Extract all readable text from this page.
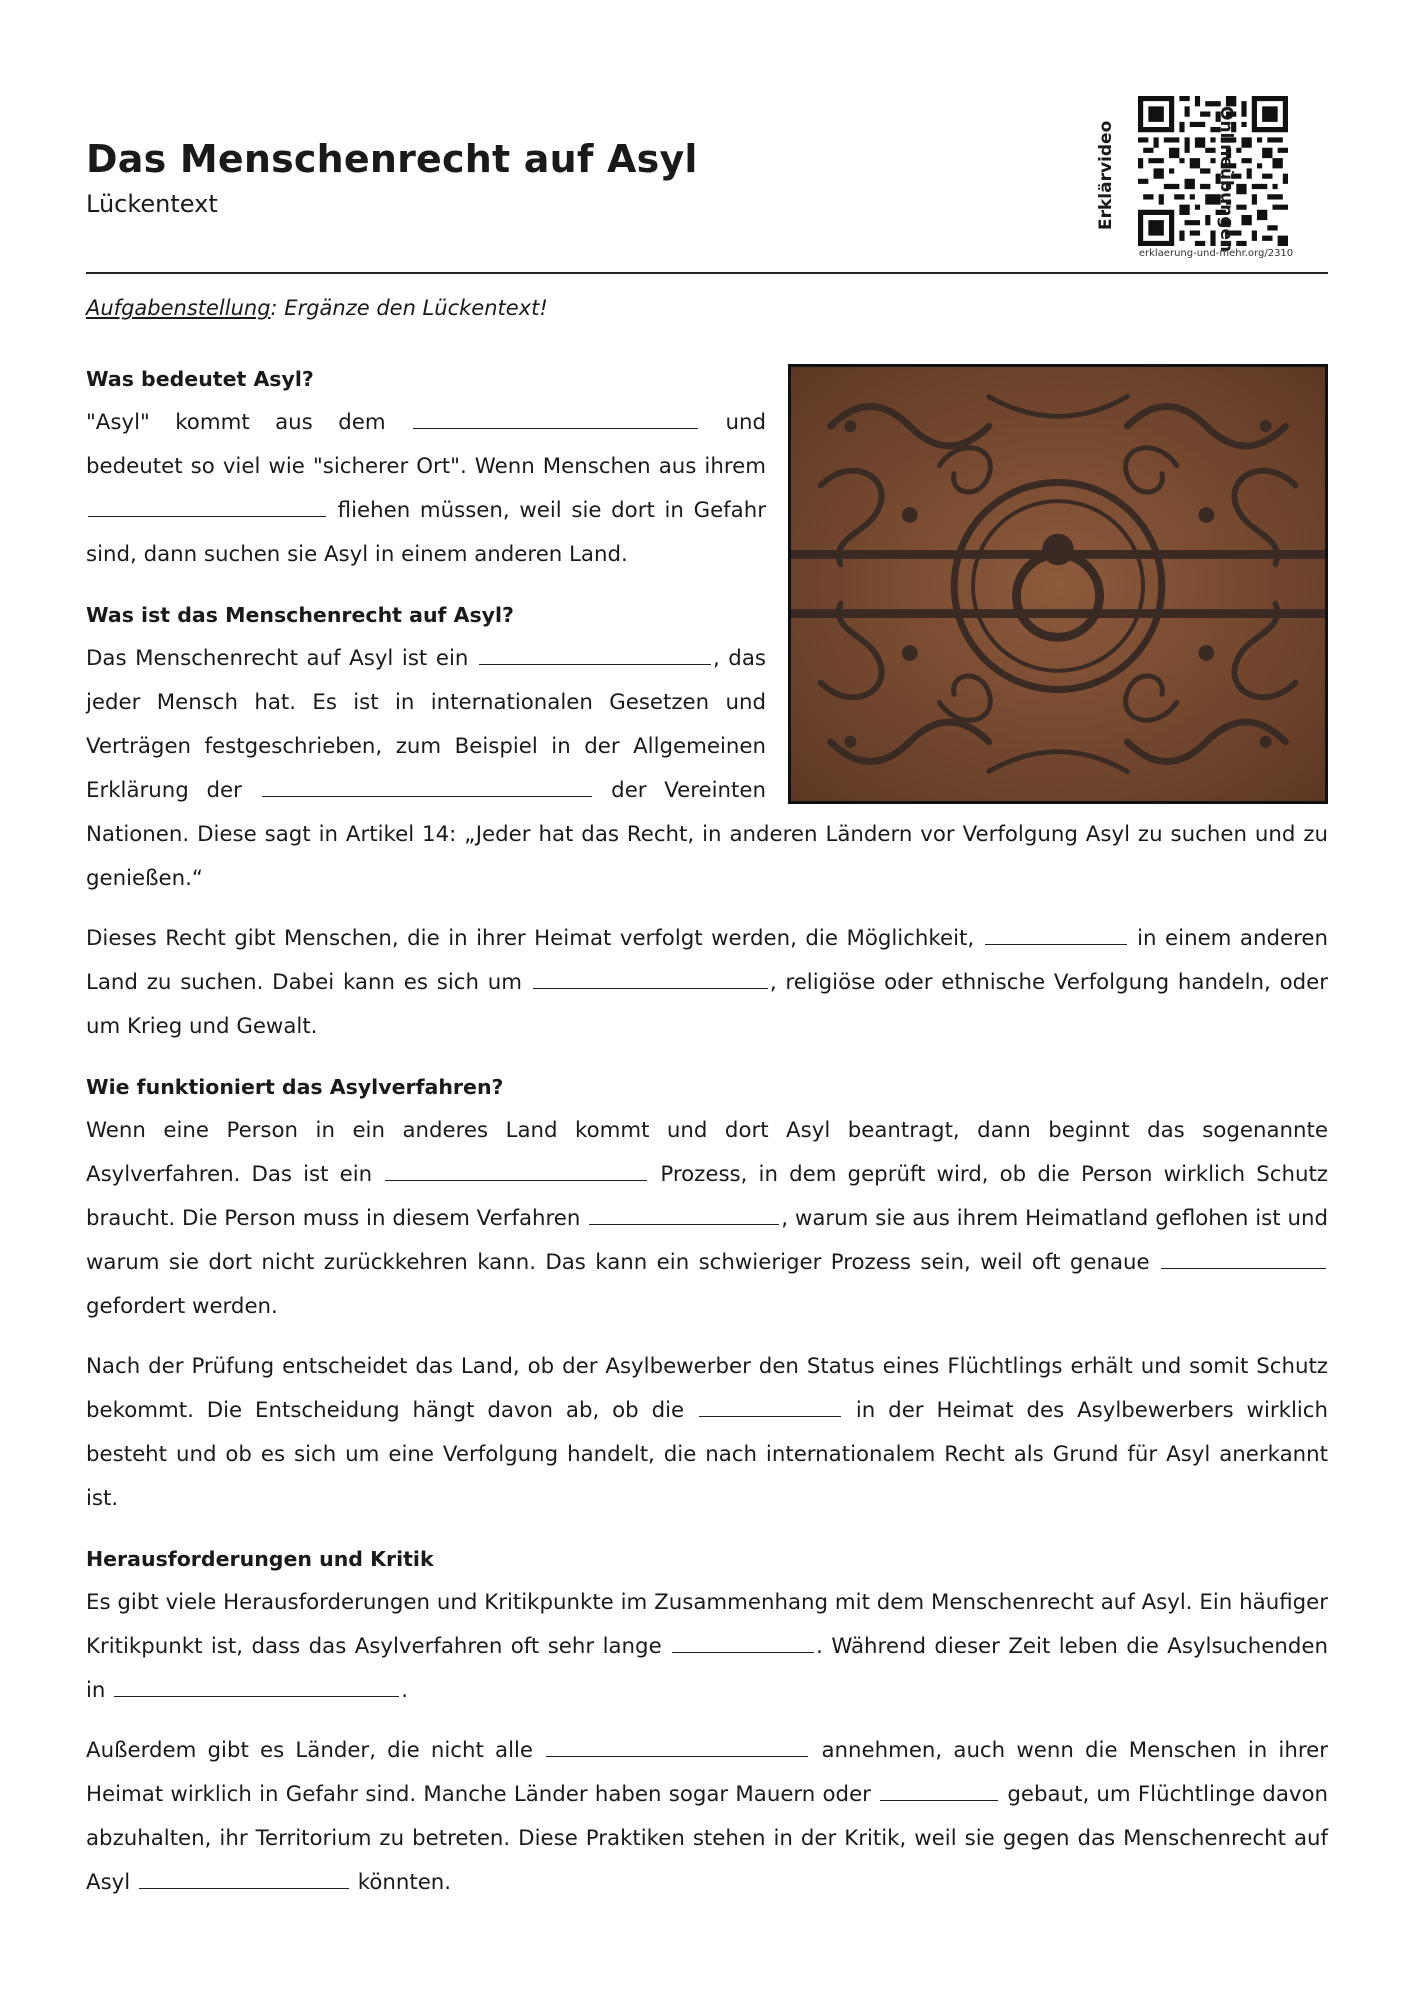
Das Menschenrecht auf Asyl
Lückentext	Erklärvideo
erklaerung-und-mehr.org/2310
Onlineübungen
Aufgabenstellung: Ergänze den Lückentext!
Was bedeutet Asyl?

"Asyl" kommt aus dem	und bedeutet so viel wie "sicherer Ort". Wenn Menschen aus ihrem  fliehen müssen, weil sie dort in Gefahr sind, dann suchen sie Asyl in einem anderen Land.

Was ist das Menschenrecht auf Asyl?

Das Menschenrecht auf Asyl ist ein	, das jeder Mensch hat. Es ist in internationalen Gesetzen und Verträgen festgeschrieben, zum Beispiel in der Allgemeinen Erklärung der	der Vereinten Nationen. Diese sagt in Artikel 14: „Jeder hat das Recht, in anderen Ländern vor Verfolgung Asyl zu suchen und zu genießen.“

Dieses Recht gibt Menschen, die in ihrer Heimat verfolgt werden, die Möglichkeit,	in einem anderen Land zu suchen. Dabei kann es sich um	, religiöse oder ethnische Verfolgung handeln, oder um Krieg und Gewalt.

Wie funktioniert das Asylverfahren?

Wenn eine Person in ein anderes Land kommt und dort Asyl beantragt, dann beginnt das sogenannte Asylverfahren. Das ist ein	Prozess, in dem geprüft wird, ob die Person wirklich Schutz braucht. Die Person muss in diesem Verfahren	, warum sie aus ihrem Heimatland geflohen ist und warum sie dort nicht zurückkehren kann. Das kann ein schwieriger Prozess sein, weil oft genaue  gefordert werden.

Nach der Prüfung entscheidet das Land, ob der Asylbewerber den Status eines Flüchtlings erhält und somit Schutz bekommt. Die Entscheidung hängt davon ab, ob die	in der Heimat des Asylbewerbers wirklich besteht und ob es sich um eine Verfolgung handelt, die nach internationalem Recht als Grund für Asyl anerkannt ist.

Herausforderungen und Kritik

Es gibt viele Herausforderungen und Kritikpunkte im Zusammenhang mit dem Menschenrecht auf Asyl. Ein häufiger Kritikpunkt ist, dass das Asylverfahren oft sehr lange	. Während dieser Zeit leben die Asylsuchenden in	.

Außerdem gibt es Länder, die nicht alle	annehmen, auch wenn die Menschen in ihrer Heimat wirklich in Gefahr sind. Manche Länder haben sogar Mauern oder	gebaut, um Flüchtlinge davon abzuhalten, ihr Territorium zu betreten. Diese Praktiken stehen in der Kritik, weil sie gegen das Menschenrecht auf Asyl	könnten.
